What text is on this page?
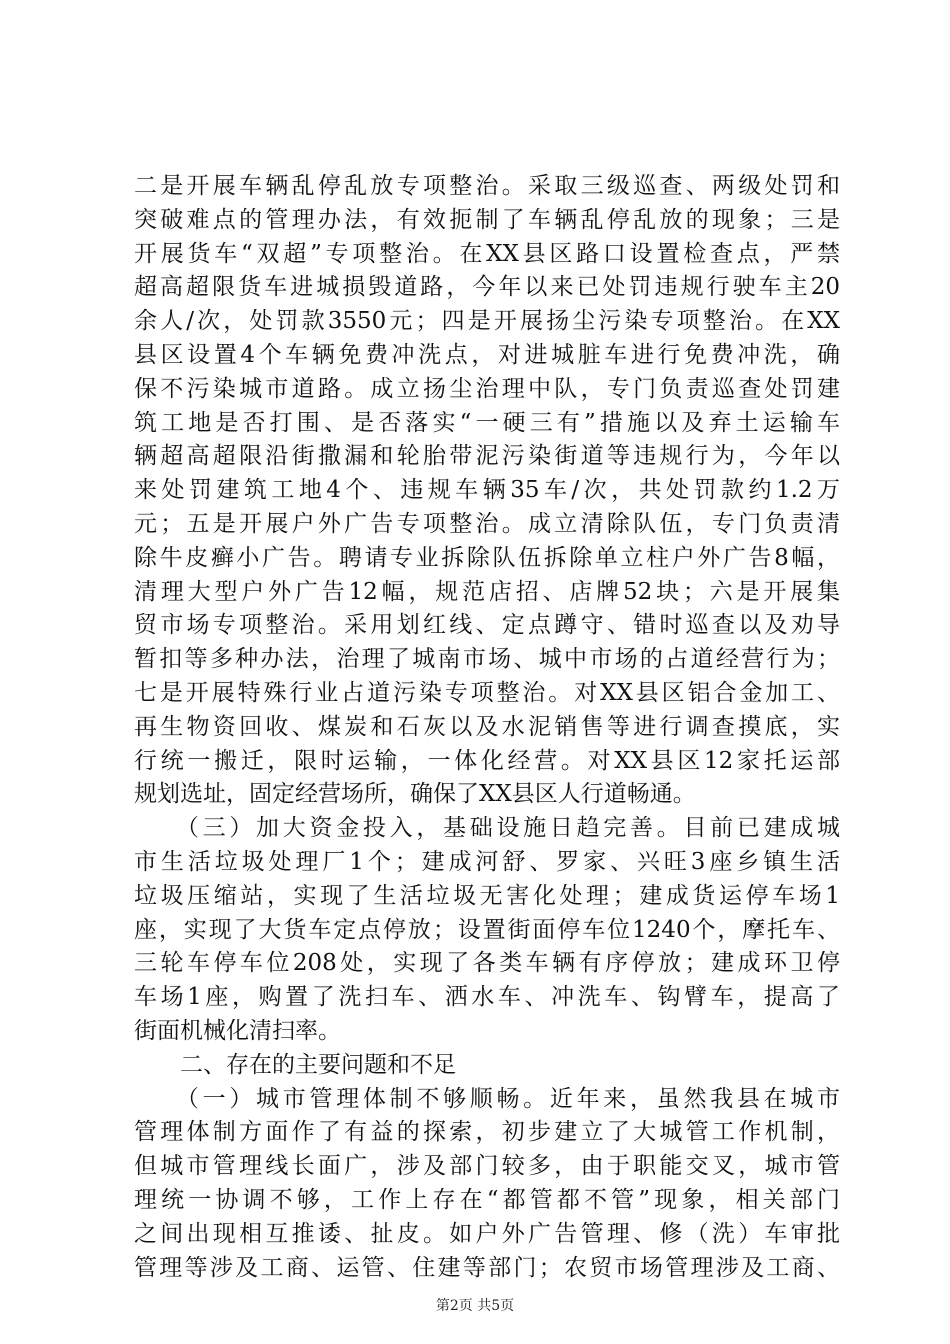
二是开展车辆乱停乱放专项整治。采取三级巡查、两级处罚和
突破难点的管理办法，有效扼制了车辆乱停乱放的现象；三是
开展货车“双超”专项整治。在XX县区路口设置检查点，严禁
超高超限货车进城损毁道路，今年以来已处罚违规行驶车主20
余人/次，处罚款3550元；四是开展扬尘污染专项整治。在XX
县区设置4个车辆免费冲洗点，对进城脏车进行免费冲洗，确
保不污染城市道路。成立扬尘治理中队，专门负责巡查处罚建
筑工地是否打围、是否落实“一硬三有”措施以及弃土运输车
辆超高超限沿街撒漏和轮胎带泥污染街道等违规行为，今年以
来处罚建筑工地4个、违规车辆35车/次，共处罚款约1.2万
元；五是开展户外广告专项整治。成立清除队伍，专门负责清
除牛皮癣小广告。聘请专业拆除队伍拆除单立柱户外广告8幅，
清理大型户外广告12幅，规范店招、店牌52块；六是开展集
贸市场专项整治。采用划红线、定点蹲守、错时巡查以及劝导
暂扣等多种办法，治理了城南市场、城中市场的占道经营行为；
七是开展特殊行业占道污染专项整治。对XX县区铝合金加工、
再生物资回收、煤炭和石灰以及水泥销售等进行调查摸底，实
行统一搬迁，限时运输，一体化经营。对XX县区12家托运部
规划选址，固定经营场所，确保了XX县区人行道畅通。
　　（三）加大资金投入，基础设施日趋完善。目前已建成城
市生活垃圾处理厂1个；建成河舒、罗家、兴旺3座乡镇生活
垃圾压缩站，实现了生活垃圾无害化处理；建成货运停车场1
座，实现了大货车定点停放；设置街面停车位1240个，摩托车、
三轮车停车位208处，实现了各类车辆有序停放；建成环卫停
车场1座，购置了洗扫车、洒水车、冲洗车、钩臂车，提高了
街面机械化清扫率。
　　二、存在的主要问题和不足
　　（一）城市管理体制不够顺畅。近年来，虽然我县在城市
管理体制方面作了有益的探索，初步建立了大城管工作机制，
但城市管理线长面广，涉及部门较多，由于职能交叉，城市管
理统一协调不够，工作上存在“都管都不管”现象，相关部门
之间出现相互推诿、扯皮。如户外广告管理、修（洗）车审批
管理等涉及工商、运管、住建等部门；农贸市场管理涉及工商、
第2页 共5页
